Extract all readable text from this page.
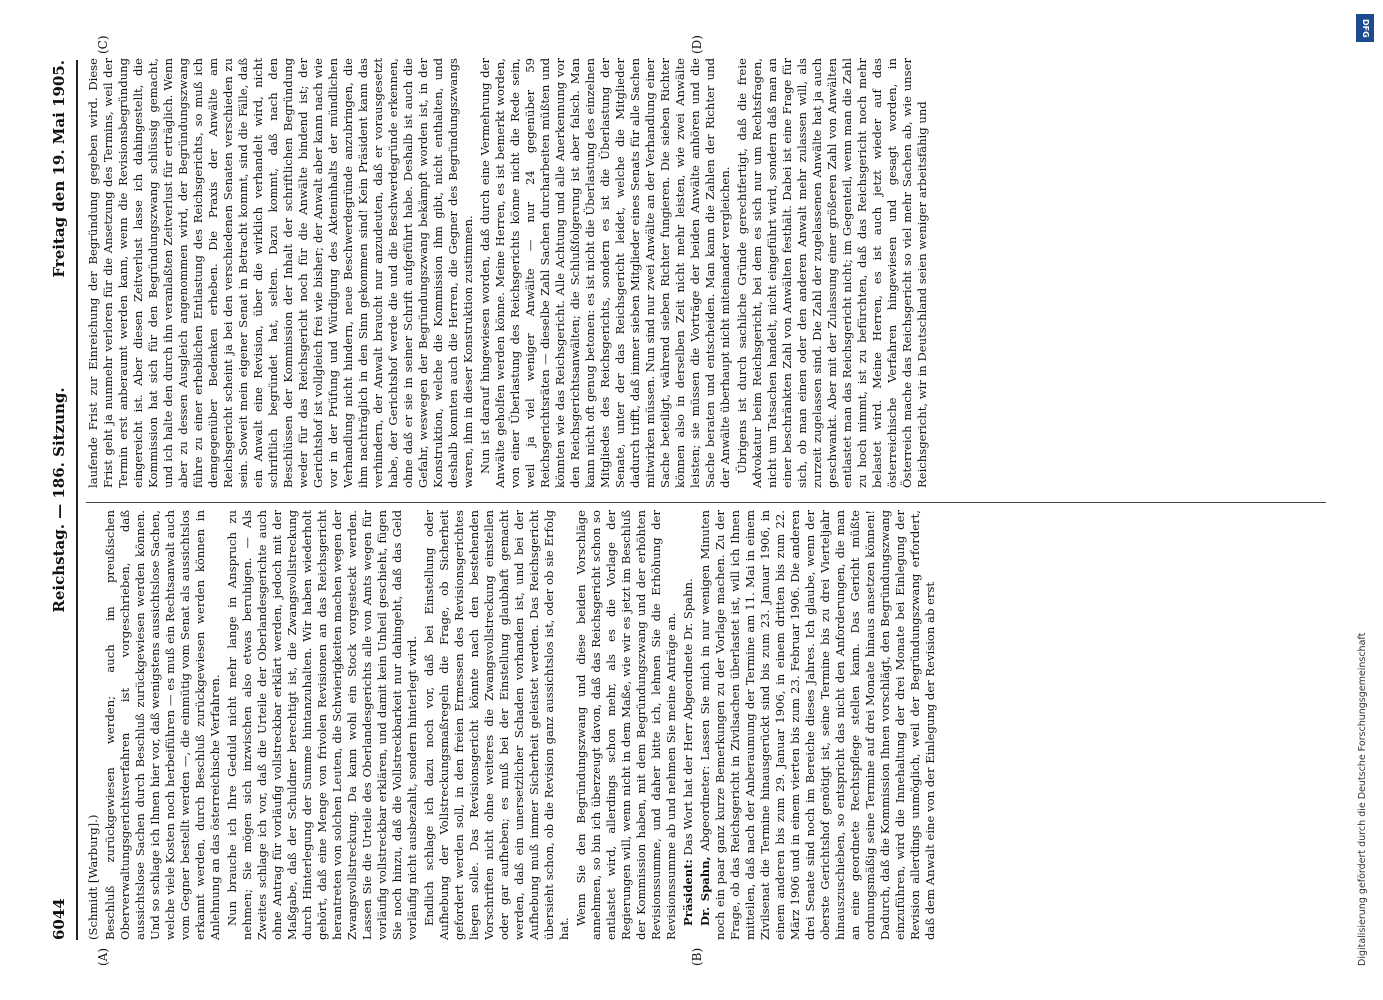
6044
Reichstag. — 186. Sitzung.
Freitag den 19. Mai 1905.
(A)	(B)
(C)	(D)

(Schmidt [Warburg].) Beschluß zurückgewiesen werden; auch im preußischen Oberverwaltungsgerichtsverfahren ist vorgeschrieben, daß aussichtslose Sachen durch Beschluß zurückgewiesen werden können. Und so schlage ich Ihnen hier vor, daß wenigstens aussichtslose Sachen, welche viele Kosten noch herbeiführen — es muß ein Rechtsanwalt auch vom Gegner bestellt werden —, die einmütig vom Senat als aussichtslos erkannt werden, durch Beschluß zurückgewiesen werden können in Anlehnung an das österreichische Verfahren. Nun brauche ich Ihre Geduld nicht mehr lange in Anspruch zu nehmen; Sie mögen sich inzwischen also etwas beruhigen. — Als Zweites schlage ich vor, daß die Urteile der Oberlandesgerichte auch ohne Antrag für vorläufig vollstreckbar erklärt werden, jedoch mit der Maßgabe, daß der Schuldner berechtigt ist, die Zwangsvollstreckung durch Hinterlegung der Summe hintanzuhalten. Wir haben wiederholt gehört, daß eine Menge von frivolen Revisionen an das Reichsgericht herantreten von solchen Leuten, die Schwierigkeiten machen wegen der Zwangsvollstreckung. Da kann wohl ein Stock vorgesteckt werden. Lassen Sie die Urteile des Oberlandesgerichts alle von Amts wegen für vorläufig vollstreckbar erklären, und damit kein Unheil geschieht, fügen Sie noch hinzu, daß die Vollstreckbarkeit nur dahingeht, daß das Geld vorläufig nicht ausbezahlt, sondern hinterlegt wird. Endlich schlage ich dazu noch vor, daß bei Einstellung oder Aufhebung der Vollstreckungsmaßregeln die Frage, ob Sicherheit gefordert werden soll, in den freien Ermessen des Revisionsgerichtes liegen solle. Das Revisionsgericht könnte nach den bestehenden Vorschriften nicht ohne weiteres die Zwangsvollstreckung einstellen oder gar aufheben; es muß bei der Einstellung glaubhaft gemacht werden, daß ein unersetzlicher Schaden vorhanden ist, und bei der Aufhebung muß immer Sicherheit geleistet werden. Das Reichsgericht übersieht schon, ob die Revision ganz aussichtslos ist, oder ob sie Erfolg hat.

Wenn Sie den Begründungszwang und diese beiden Vorschläge annehmen, so bin ich überzeugt davon, daß das Reichsgericht schon so entlastet wird, allerdings schon mehr, als es die Vorlage der Regierungen will, wenn nicht in dem Maße, wie wir es jetzt im Beschluß der Kommission haben, mit dem Begründungszwang und der erhöhten Revisionssumme, und daher bitte ich, lehnen Sie die Erhöhung der Revisionssumme ab und nehmen Sie meine Anträge an. Präsident: Das Wort hat der Herr Abgeordnete Dr. Spahn.

Dr. Spahn, Abgeordneter: Lassen Sie mich in nur wenigen Minuten noch ein paar ganz kurze Bemerkungen zu der Vorlage machen. Zu der Frage, ob das Reichsgericht in Zivilsachen überlastet ist, will ich Ihnen mitteilen, daß nach der Anberaumung der Termine am 11. Mai in einem Zivilsenat die Termine hinausgerückt sind bis zum 23. Januar 1906, in einem anderen bis zum 29. Januar 1906, in einem dritten bis zum 22. März 1906 und in einem vierten bis zum 23. Februar 1906. Die anderen drei Senate sind noch im Bereiche dieses Jahres. Ich glaube, wenn der oberste Gerichtshof genötigt ist, seine Termine bis zu drei Vierteljahr hinauszuschieben, so entspricht das nicht den Anforderungen, die man an eine geordnete Rechtspflege stellen kann. Das Gericht müßte ordnungsmäßig seine Termine auf drei Monate hinaus ansetzen können! Dadurch, daß die Kommission Ihnen vorschlägt, den Begründungszwang einzuführen, wird die Innehaltung der drei Monate bei Einlegung der Revision allerdings unmöglich, weil der Begründungszwang erfordert, daß dem Anwalt eine von der Einlegung der Revision ab erst

laufende Frist zur Einreichung der Begründung gegeben wird. Diese Frist geht ja nunmehr verloren für die Ansetzung des Termins, weil der Termin erst anberaumt werden kann, wenn die Revisionsbegründung eingereicht ist. Aber diesen Zeitverlust lasse ich dahingestellt, die Kommission hat sich für den Begründungszwang schlüssig gemacht, und ich halte den durch ihn veranlaßten Zeitverlust für erträglich. Wenn aber zu dessen Ausgleich angenommen wird, der Begründungszwang führe zu einer erheblichen Entlastung des Reichsgerichts, so muß ich demgegenüber Bedenken erheben. Die Praxis der Anwälte am Reichsgericht scheint ja bei den verschiedenen Senaten verschieden zu sein. Soweit mein eigener Senat in Betracht kommt, sind die Fälle, daß ein Anwalt eine Revision, über die wirklich verhandelt wird, nicht schriftlich begründet hat, selten. Dazu kommt, daß nach den Beschlüssen der Kommission der Inhalt der schriftlichen Begründung weder für das Reichsgericht noch für die Anwälte bindend ist; der Gerichtshof ist vollgleich frei wie bisher; der Anwalt aber kann nach wie vor in der Prüfung und Würdigung des Akteninhalts der mündlichen Verhandlung nicht hindern, neue Beschwerdegründe anzubringen, die ihm nachträglich in den Sinn gekommen sind! Kein Präsident kann das verhindern, der Anwalt braucht nur anzudeuten, daß er vorausgesetzt habe, der Gerichtshof werde die und die Beschwerdegründe erkennen, ohne daß er sie in seiner Schrift aufgeführt habe. Deshalb ist auch die Gefahr, weswegen der Begründungszwang bekämpft worden ist, in der Konstruktion, welche die Kommission ihm gibt, nicht enthalten, und deshalb konnten auch die Herren, die Gegner des Begründungszwangs waren, ihm in dieser Konstruktion zustimmen. Nun ist darauf hingewiesen worden, daß durch eine Vermehrung der Anwälte geholfen werden könne. Meine Herren, es ist bemerkt worden, von einer Überlastung des Reichsgerichts könne nicht die Rede sein, weil ja viel weniger Anwälte — nur 24 gegenüber 59 Reichsgerichtsräten — dieselbe Zahl Sachen durcharbeiten müßten und könnten wie das Reichsgericht. Alle Achtung und alle Anerkennung vor den Reichsgerichtsanwälten; die Schlußfolgerung ist aber falsch. Man kann nicht oft genug betonen: es ist nicht die Überlastung des einzelnen Mitgliedes des Reichsgerichts, sondern es ist die Überlastung der Senate, unter der das Reichsgericht leidet, welche die Mitglieder dadurch trifft, daß immer sieben Mitglieder eines Senats für alle Sachen mitwirken müssen. Nun sind nur zwei Anwälte an der Verhandlung einer Sache beteiligt, während sieben Richter fungieren. Die sieben Richter können also in derselben Zeit nicht mehr leisten, wie zwei Anwälte leisten; sie müssen die Vorträge der beiden Anwälte anhören und die Sache beraten und entscheiden. Man kann die Zahlen der Richter und der Anwälte überhaupt nicht miteinander vergleichen. Übrigens ist durch sachliche Gründe gerechtfertigt, daß die freie Advokatur beim Reichsgericht, bei dem es sich nur um Rechtsfragen, nicht um Tatsachen handelt, nicht eingeführt wird, sondern daß man an einer beschränkten Zahl von Anwälten festhält. Dabei ist eine Frage für sich, ob man einen oder den anderen Anwalt mehr zulassen will, als zurzeit zugelassen sind. Die Zahl der zugelassenen Anwälte hat ja auch geschwankt. Aber mit der Zulassung einer größeren Zahl von Anwälten entlastet man das Reichsgericht nicht; im Gegenteil, wenn man die Zahl zu hoch nimmt, ist zu befürchten, daß das Reichsgericht noch mehr belastet wird. Meine Herren, es ist auch jetzt wieder auf das österreichische Verfahren hingewiesen und gesagt worden, in Österreich mache das Reichsgericht so viel mehr Sachen ab, wie unser Reichsgericht, wir in Deutschland seien weniger arbeitsfähig und

DFG
Digitalisierung gefördert durch die Deutsche Forschungsgemeinschaft
